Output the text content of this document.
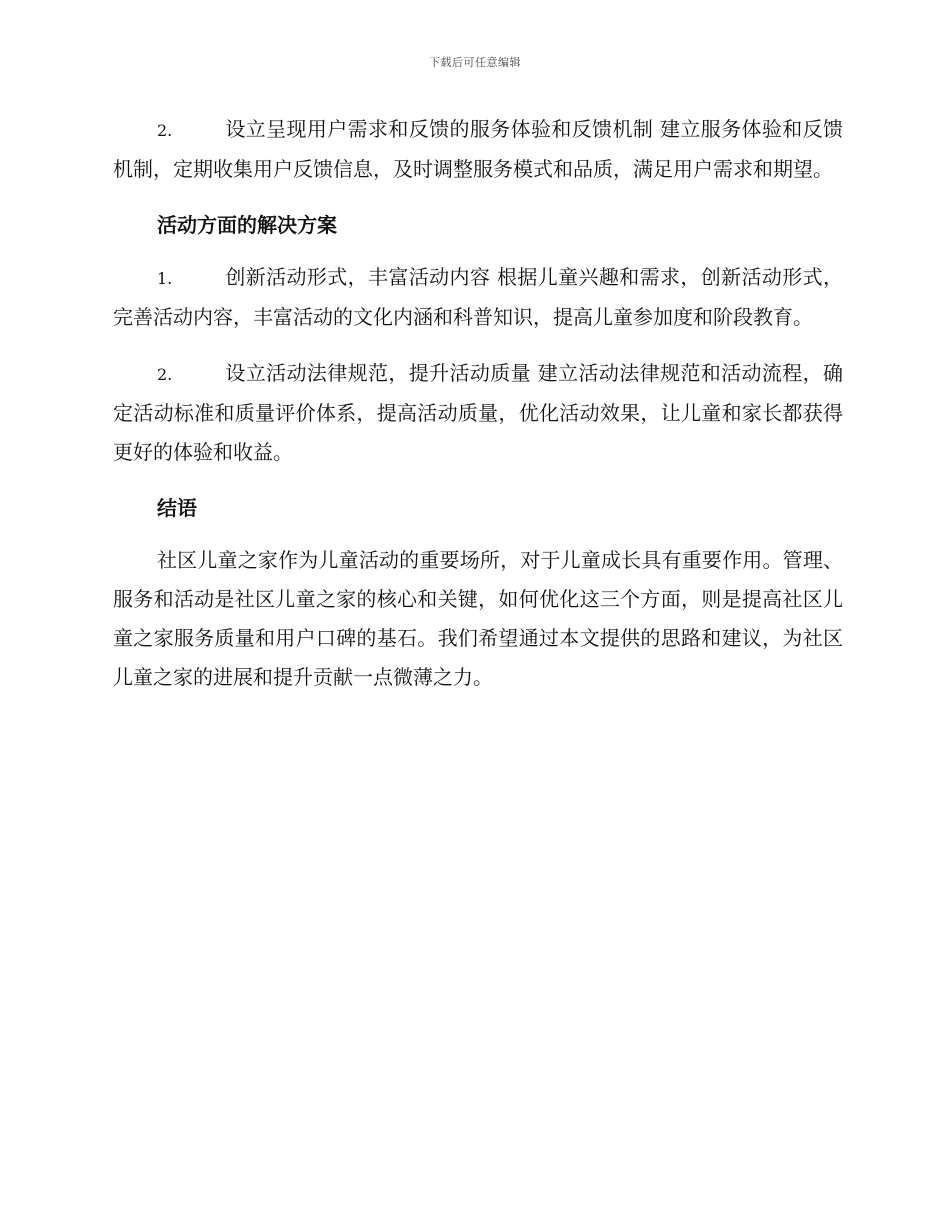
下载后可任意编辑

2.	设立呈现用户需求和反馈的服务体验和反馈机制 建立服务体验和反馈机制，定期收集用户反馈信息，及时调整服务模式和品质，满足用户需求和期望。

活动方面的解决方案

1.	创新活动形式，丰富活动内容 根据儿童兴趣和需求，创新活动形式，完善活动内容，丰富活动的文化内涵和科普知识，提高儿童参加度和阶段教育。

2.	设立活动法律规范，提升活动质量 建立活动法律规范和活动流程，确定活动标准和质量评价体系，提高活动质量，优化活动效果，让儿童和家长都获得更好的体验和收益。

结语

社区儿童之家作为儿童活动的重要场所，对于儿童成长具有重要作用。管理、服务和活动是社区儿童之家的核心和关键，如何优化这三个方面，则是提高社区儿童之家服务质量和用户口碑的基石。我们希望通过本文提供的思路和建议，为社区儿童之家的进展和提升贡献一点微薄之力。
